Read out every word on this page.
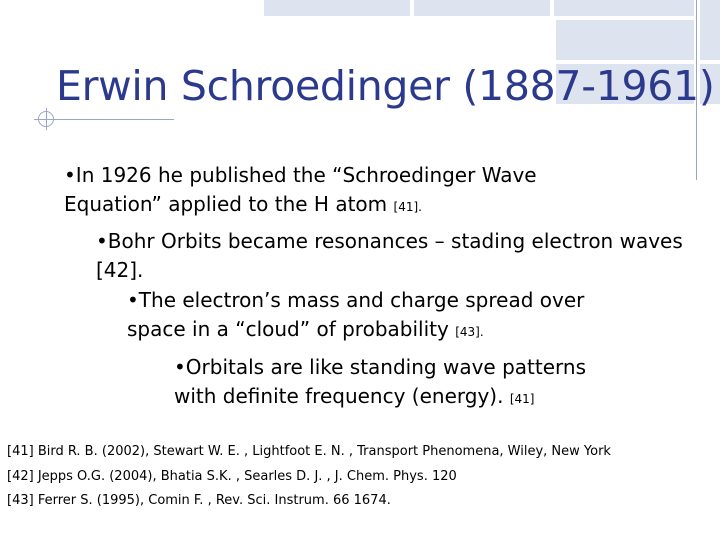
Erwin Schroedinger (1887-1961)
•In 1926 he published the “Schroedinger Wave
Equation” applied to the H atom [41].
•Bohr Orbits became resonances – stading electron waves
[42].
•The electron’s mass and charge spread over
space in a “cloud” of probability [43].
•Orbitals are like standing wave patterns
with definite frequency (energy). [41]
[41] Bird R. B. (2002), Stewart W. E. , Lightfoot E. N. , Transport Phenomena, Wiley, New York
[42] Jepps O.G. (2004), Bhatia S.K. , Searles D. J. , J. Chem. Phys. 120
[43] Ferrer S. (1995), Comin F. , Rev. Sci. Instrum. 66 1674.
